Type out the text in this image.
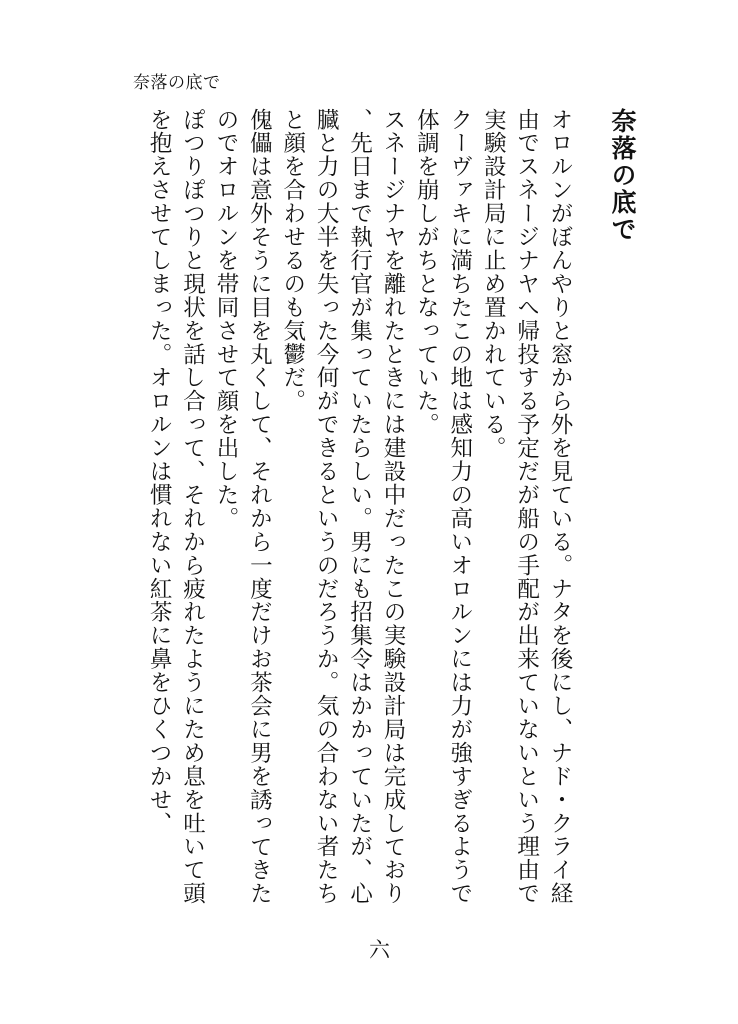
奈落の底で
奈落の底で

オロルンがぼんやりと窓から外を見ている。ナタを後にし、ナド・クライ経由でスネージナヤへ帰投する予定だが船の手配が出来ていないという理由で実験設計局に止め置かれている。

クーヴァキに満ちたこの地は感知力の高いオロルンには力が強すぎるようで体調を崩しがちとなっていた。

スネージナヤを離れたときには建設中だったこの実験設計局は完成しており、先日まで執行官が集っていたらしい。男にも招集令はかかっていたが、心臓と力の大半を失った今何ができるというのだろうか。気の合わない者たちと顔を合わせるのも気鬱だ。

傀儡は意外そうに目を丸くして、それから一度だけお茶会に男を誘ってきたのでオロルンを帯同させて顔を出した。

ぽつりぽつりと現状を話し合って、それから疲れたようにため息を吐いて頭を抱えさせてしまった。オロルンは慣れない紅茶に鼻をひくつかせ、

六
